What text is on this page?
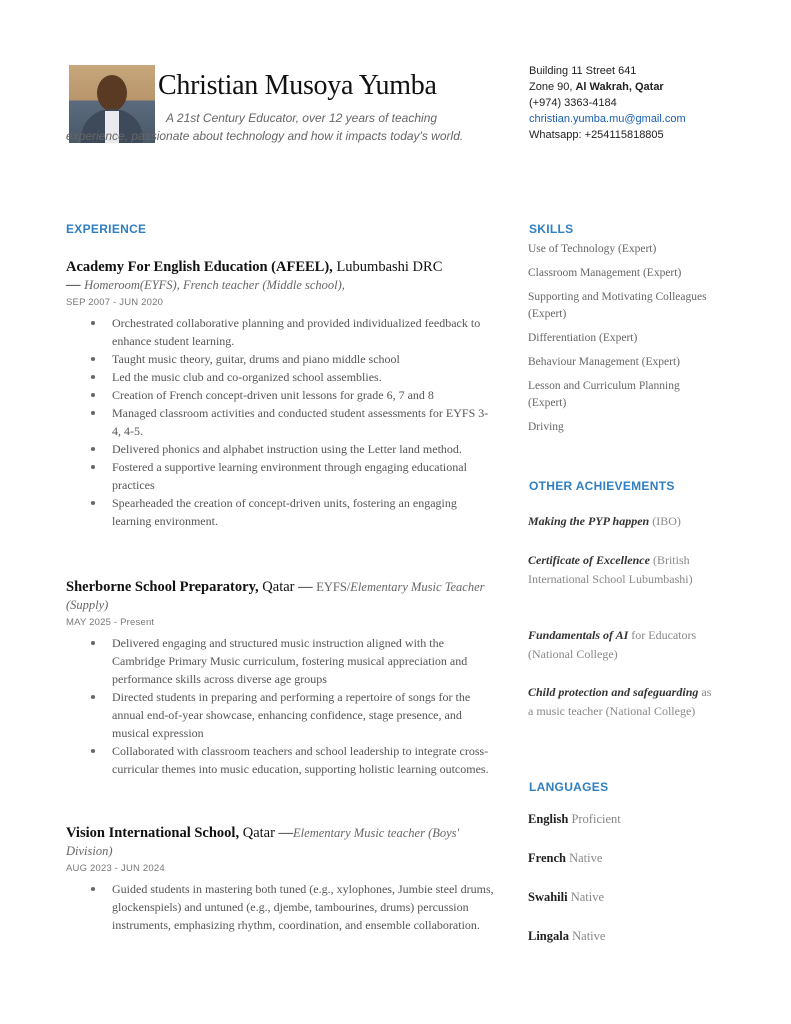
Christian Musoya Yumba
A 21st Century Educator, over 12 years of teaching experience, passionate about technology and how it impacts today's world.
Building 11 Street 641
Zone 90, Al Wakrah, Qatar
(+974) 3363-4184
christian.yumba.mu@gmail.com
Whatsapp: +254115818805
EXPERIENCE	SKILLS
OTHER ACHIEVEMENTS
LANGUAGES
Academy For English Education (AFEEL), Lubumbashi DRC
— Homeroom(EYFS), French teacher (Middle school),
SEP 2007 - JUN 2020
Orchestrated collaborative planning and provided individualized feedback to enhance student learning.
Taught music theory, guitar, drums and piano middle school
Led the music club and co-organized school assemblies.
Creation of French concept-driven unit lessons for grade 6, 7 and 8
Managed classroom activities and conducted student assessments for EYFS 3-4, 4-5.
Delivered phonics and alphabet instruction using the Letter land method.
Fostered a supportive learning environment through engaging educational practices
Spearheaded the creation of concept-driven units, fostering an engaging learning environment.
Sherborne School Preparatory, Qatar — EYFS/Elementary Music Teacher (Supply)
MAY 2025 - Present
Delivered engaging and structured music instruction aligned with the Cambridge Primary Music curriculum, fostering musical appreciation and performance skills across diverse age groups
Directed students in preparing and performing a repertoire of songs for the annual end-of-year showcase, enhancing confidence, stage presence, and musical expression
Collaborated with classroom teachers and school leadership to integrate cross-curricular themes into music education, supporting holistic learning outcomes.
Vision International School, Qatar —Elementary Music teacher (Boys' Division)
AUG 2023 - JUN 2024
Guided students in mastering both tuned (e.g., xylophones, Jumbie steel drums, glockenspiels) and untuned (e.g., djembe, tambourines, drums) percussion instruments, emphasizing rhythm, coordination, and ensemble collaboration.
Use of Technology (Expert)
Classroom Management (Expert)
Supporting and Motivating Colleagues (Expert)
Differentiation (Expert)
Behaviour Management (Expert)
Lesson and Curriculum Planning (Expert)
Driving
Making the PYP happen (IBO)
Certificate of Excellence (British International School Lubumbashi)
Fundamentals of AI for Educators (National College)
Child protection and safeguarding as a music teacher (National College)
English Proficient
French Native
Swahili Native
Lingala Native
